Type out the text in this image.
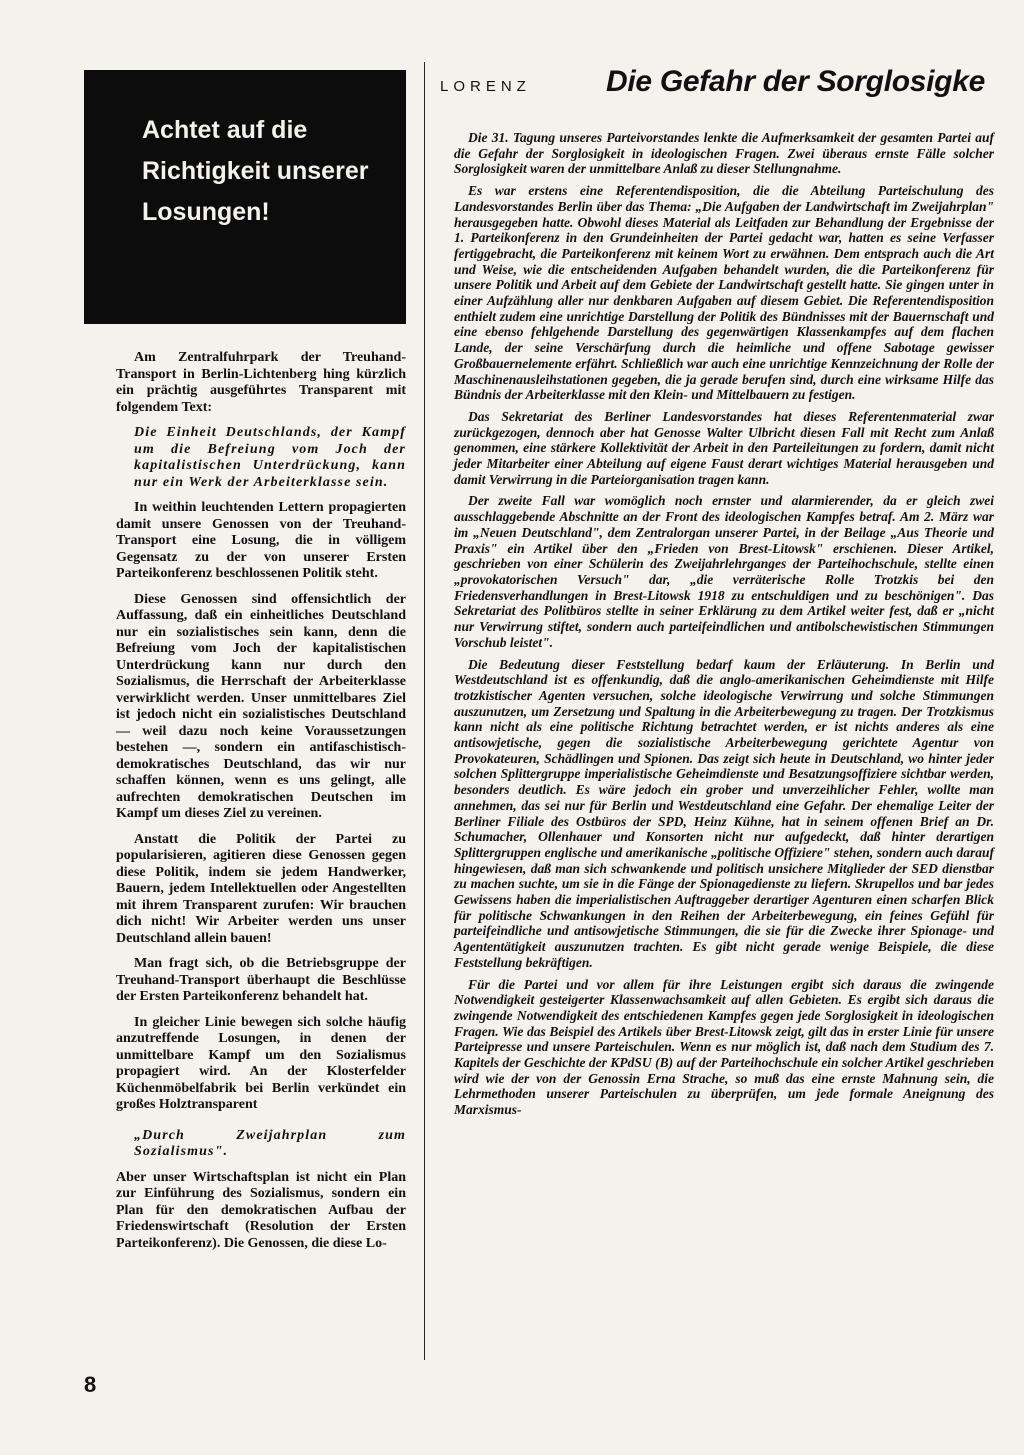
Achtet auf die Richtigkeit unserer Losungen!

Am Zentralfuhrpark der Treuhand-Transport in Berlin-Lichtenberg hing kürzlich ein prächtig ausgeführtes Transparent mit folgendem Text:

Die Einheit Deutschlands, der Kampf um die Befreiung vom Joch der kapitalistischen Unterdrückung, kann nur ein Werk der Arbeiterklasse sein.

In weithin leuchtenden Lettern propagierten damit unsere Genossen von der Treuhand-Transport eine Losung, die in völligem Gegensatz zu der von unserer Ersten Parteikonferenz beschlossenen Politik steht.

Diese Genossen sind offensichtlich der Auffassung, daß ein einheitliches Deutschland nur ein sozialistisches sein kann, denn die Befreiung vom Joch der kapitalistischen Unterdrückung kann nur durch den Sozialismus, die Herrschaft der Arbeiterklasse verwirklicht werden. Unser unmittelbares Ziel ist jedoch nicht ein sozialistisches Deutschland — weil dazu noch keine Voraussetzungen bestehen —, sondern ein antifaschistisch-demokratisches Deutschland, das wir nur schaffen können, wenn es uns gelingt, alle aufrechten demokratischen Deutschen im Kampf um dieses Ziel zu vereinen.

Anstatt die Politik der Partei zu popularisieren, agitieren diese Genossen gegen diese Politik, indem sie jedem Handwerker, Bauern, jedem Intellektuellen oder Angestellten mit ihrem Transparent zurufen: Wir brauchen dich nicht! Wir Arbeiter werden uns unser Deutschland allein bauen!

Man fragt sich, ob die Betriebsgruppe der Treuhand-Transport überhaupt die Beschlüsse der Ersten Parteikonferenz behandelt hat.

In gleicher Linie bewegen sich solche häufig anzutreffende Losungen, in denen der unmittelbare Kampf um den Sozialismus propagiert wird. An der Klosterfelder Küchenmöbelfabrik bei Berlin verkündet ein großes Holztransparent

„Durch Zweijahrplan zum Sozialismus".

Aber unser Wirtschaftsplan ist nicht ein Plan zur Einführung des Sozialismus, sondern ein Plan für den demokratischen Aufbau der Friedenswirtschaft (Resolution der Ersten Parteikonferenz). Die Genossen, die diese Lo-

LORENZ	Die Gefahr der Sorglosigke

Die 31. Tagung unseres Parteivorstandes lenkte die Aufmerksamkeit der gesamten Partei auf die Gefahr der Sorglosigkeit in ideologischen Fragen. Zwei überaus ernste Fälle solcher Sorglosigkeit waren der unmittelbare Anlaß zu dieser Stellungnahme.

Es war erstens eine Referentendisposition, die die Abteilung Parteischulung des Landesvorstandes Berlin über das Thema: „Die Aufgaben der Landwirtschaft im Zweijahrplan" herausgegeben hatte. Obwohl dieses Material als Leitfaden zur Behandlung der Ergebnisse der 1. Parteikonferenz in den Grundeinheiten der Partei gedacht war, hatten es seine Verfasser fertiggebracht, die Parteikonferenz mit keinem Wort zu erwähnen. Dem entsprach auch die Art und Weise, wie die entscheidenden Aufgaben behandelt wurden, die die Parteikonferenz für unsere Politik und Arbeit auf dem Gebiete der Landwirtschaft gestellt hatte. Sie gingen unter in einer Aufzählung aller nur denkbaren Aufgaben auf diesem Gebiet. Die Referentendisposition enthielt zudem eine unrichtige Darstellung der Politik des Bündnisses mit der Bauernschaft und eine ebenso fehlgehende Darstellung des gegenwärtigen Klassenkampfes auf dem flachen Lande, der seine Verschärfung durch die heimliche und offene Sabotage gewisser Großbauernelemente erfährt. Schließlich war auch eine unrichtige Kennzeichnung der Rolle der Maschinenausleihstationen gegeben, die ja gerade berufen sind, durch eine wirksame Hilfe das Bündnis der Arbeiterklasse mit den Klein- und Mittelbauern zu festigen.

Das Sekretariat des Berliner Landesvorstandes hat dieses Referentenmaterial zwar zurückgezogen, dennoch aber hat Genosse Walter Ulbricht diesen Fall mit Recht zum Anlaß genommen, eine stärkere Kollektivität der Arbeit in den Parteileitungen zu fordern, damit nicht jeder Mitarbeiter einer Abteilung auf eigene Faust derart wichtiges Material herausgeben und damit Verwirrung in die Parteiorganisation tragen kann.

Der zweite Fall war womöglich noch ernster und alarmierender, da er gleich zwei ausschlaggebende Abschnitte an der Front des ideologischen Kampfes betraf. Am 2. März war im „Neuen Deutschland", dem Zentralorgan unserer Partei, in der Beilage „Aus Theorie und Praxis" ein Artikel über den „Frieden von Brest-Litowsk" erschienen. Dieser Artikel, geschrieben von einer Schülerin des Zweijahrlehrganges der Parteihochschule, stellte einen „provokatorischen Versuch" dar, „die verräterische Rolle Trotzkis bei den Friedensverhandlungen in Brest-Litowsk 1918 zu entschuldigen und zu beschönigen". Das Sekretariat des Politbüros stellte in seiner Erklärung zu dem Artikel weiter fest, daß er „nicht nur Verwirrung stiftet, sondern auch parteifeindlichen und antibolschewistischen Stimmungen Vorschub leistet".

Die Bedeutung dieser Feststellung bedarf kaum der Erläuterung. In Berlin und Westdeutschland ist es offenkundig, daß die anglo-amerikanischen Geheimdienste mit Hilfe trotzkistischer Agenten versuchen, solche ideologische Verwirrung und solche Stimmungen auszunutzen, um Zersetzung und Spaltung in die Arbeiterbewegung zu tragen. Der Trotzkismus kann nicht als eine politische Richtung betrachtet werden, er ist nichts anderes als eine antisowjetische, gegen die sozialistische Arbeiterbewegung gerichtete Agentur von Provokateuren, Schädlingen und Spionen. Das zeigt sich heute in Deutschland, wo hinter jeder solchen Splittergruppe imperialistische Geheimdienste und Besatzungsoffiziere sichtbar werden, besonders deutlich. Es wäre jedoch ein grober und unverzeihlicher Fehler, wollte man annehmen, das sei nur für Berlin und Westdeutschland eine Gefahr. Der ehemalige Leiter der Berliner Filiale des Ostbüros der SPD, Heinz Kühne, hat in seinem offenen Brief an Dr. Schumacher, Ollenhauer und Konsorten nicht nur aufgedeckt, daß hinter derartigen Splittergruppen englische und amerikanische „politische Offiziere" stehen, sondern auch darauf hingewiesen, daß man sich schwankende und politisch unsichere Mitglieder der SED dienstbar zu machen suchte, um sie in die Fänge der Spionagedienste zu liefern. Skrupellos und bar jedes Gewissens haben die imperialistischen Auftraggeber derartiger Agenturen einen scharfen Blick für politische Schwankungen in den Reihen der Arbeiterbewegung, ein feines Gefühl für parteifeindliche und antisowjetische Stimmungen, die sie für die Zwecke ihrer Spionage- und Agententätigkeit auszunutzen trachten. Es gibt nicht gerade wenige Beispiele, die diese Feststellung bekräftigen.

Für die Partei und vor allem für ihre Leistungen ergibt sich daraus die zwingende Notwendigkeit gesteigerter Klassenwachsamkeit auf allen Gebieten. Es ergibt sich daraus die zwingende Notwendigkeit des entschiedenen Kampfes gegen jede Sorglosigkeit in ideologischen Fragen. Wie das Beispiel des Artikels über Brest-Litowsk zeigt, gilt das in erster Linie für unsere Parteipresse und unsere Parteischulen. Wenn es nur möglich ist, daß nach dem Studium des 7. Kapitels der Geschichte der KPdSU (B) auf der Parteihochschule ein solcher Artikel geschrieben wird wie der von der Genossin Erna Strache, so muß das eine ernste Mahnung sein, die Lehrmethoden unserer Parteischulen zu überprüfen, um jede formale Aneignung des Marxismus-

8
